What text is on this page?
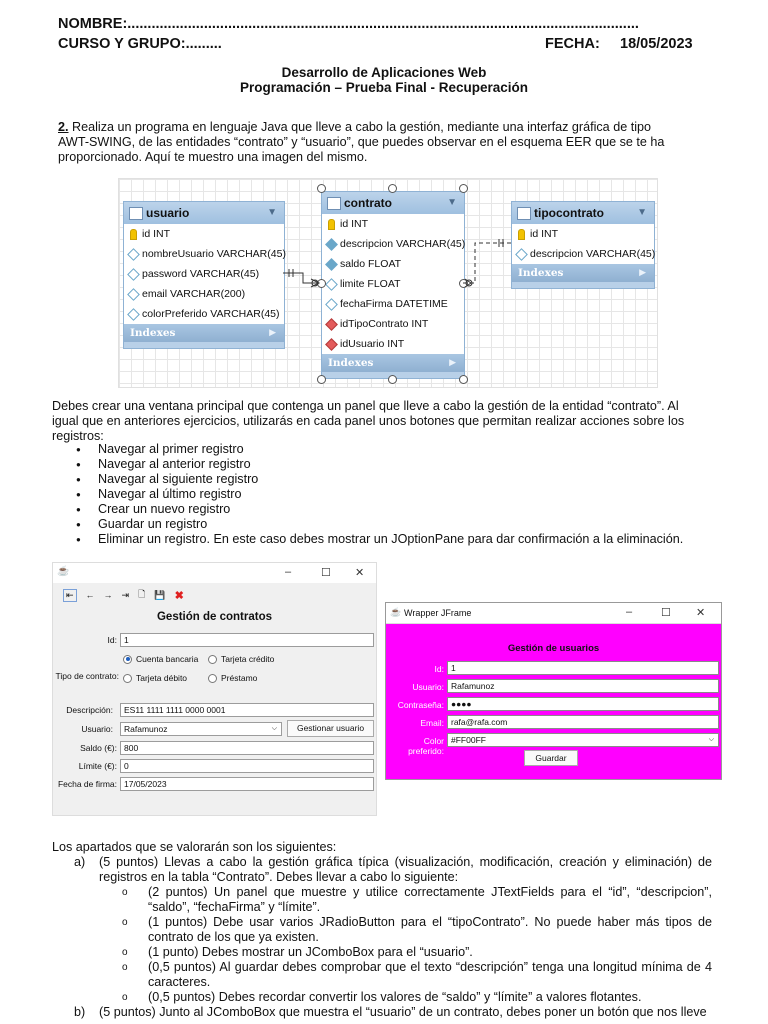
NOMBRE:...............................................................................................................................
CURSO Y GRUPO:.........	FECHA: 18/05/2023
Desarrollo de Aplicaciones Web
Programación – Prueba Final - Recuperación
2. Realiza un programa en lenguaje Java que lleve a cabo la gestión, mediante una interfaz gráfica de tipo
AWT-SWING, de las entidades “contrato” y “usuario”, que puedes observar en el esquema EER que se te ha
proporcionado. Aquí te muestro una imagen del mismo.
usuario	▼
id INT
nombreUsuario VARCHAR(45)
password VARCHAR(45)
email VARCHAR(200)
colorPreferido VARCHAR(45)
Indexes	▶
contrato	▼
id INT
descripcion VARCHAR(45)
saldo FLOAT
limite FLOAT
fechaFirma DATETIME
idTipoContrato INT
idUsuario INT
Indexes	▶
tipocontrato	▼
id INT
descripcion VARCHAR(45)
Indexes	▶
Debes crear una ventana principal que contenga un panel que lleve a cabo la gestión de la entidad “contrato”. Al
igual que en anteriores ejercicios, utilizarás en cada panel unos botones que permitan realizar acciones sobre los
registros:
● Navegar al primer registro
● Navegar al anterior registro
● Navegar al siguiente registro
● Navegar al último registro
● Crear un nuevo registro
● Guardar un registro
● Eliminar un registro. En este caso debes mostrar un JOptionPane para dar confirmación a la eliminación.
☕	–	☐ ✕
⇤	← → ⇥ 🗋 💾 ✖
Gestión de contratos
Id: 1
Cuenta bancaria	Tarjeta crédito
Tipo de contrato: Tarjeta débito	Préstamo
Descripción:	ES11 1111 1111 0000 0001
Usuario:	Rafamunoz	⌵	Gestionar usuario
Saldo (€): 800
Límite (€): 0
Fecha de firma: 17/05/2023
☕ Wrapper JFrame	–	☐ ✕
Gestión de usuarios
Id: 1
Usuario: Rafamunoz
Contraseña: ●●●●
Email: rafa@rafa.com
Color preferido:
#FF00FF	⌵
Guardar
Los apartados que se valorarán son los siguientes:
a) (5 puntos) Llevas a cabo la gestión gráfica típica (visualización, modificación, creación y eliminación) de registros en la tabla “Contrato”. Debes llevar a cabo lo siguiente:
o (2 puntos) Un panel que muestre y utilice correctamente JTextFields para el “id”, “descripcion”, “saldo”, “fechaFirma” y “límite”.
o (1 puntos) Debe usar varios JRadioButton para el “tipoContrato”. No puede haber más tipos de contrato de los que ya existen.
o (1 punto) Debes mostrar un JComboBox para el “usuario”.
o (0,5 puntos) Al guardar debes comprobar que el texto “descripción” tenga una longitud mínima de 4 caracteres.
o (0,5 puntos) Debes recordar convertir los valores de “saldo” y “límite” a valores flotantes.
b) (5 puntos) Junto al JComboBox que muestra el “usuario” de un contrato, debes poner un botón que nos lleve
